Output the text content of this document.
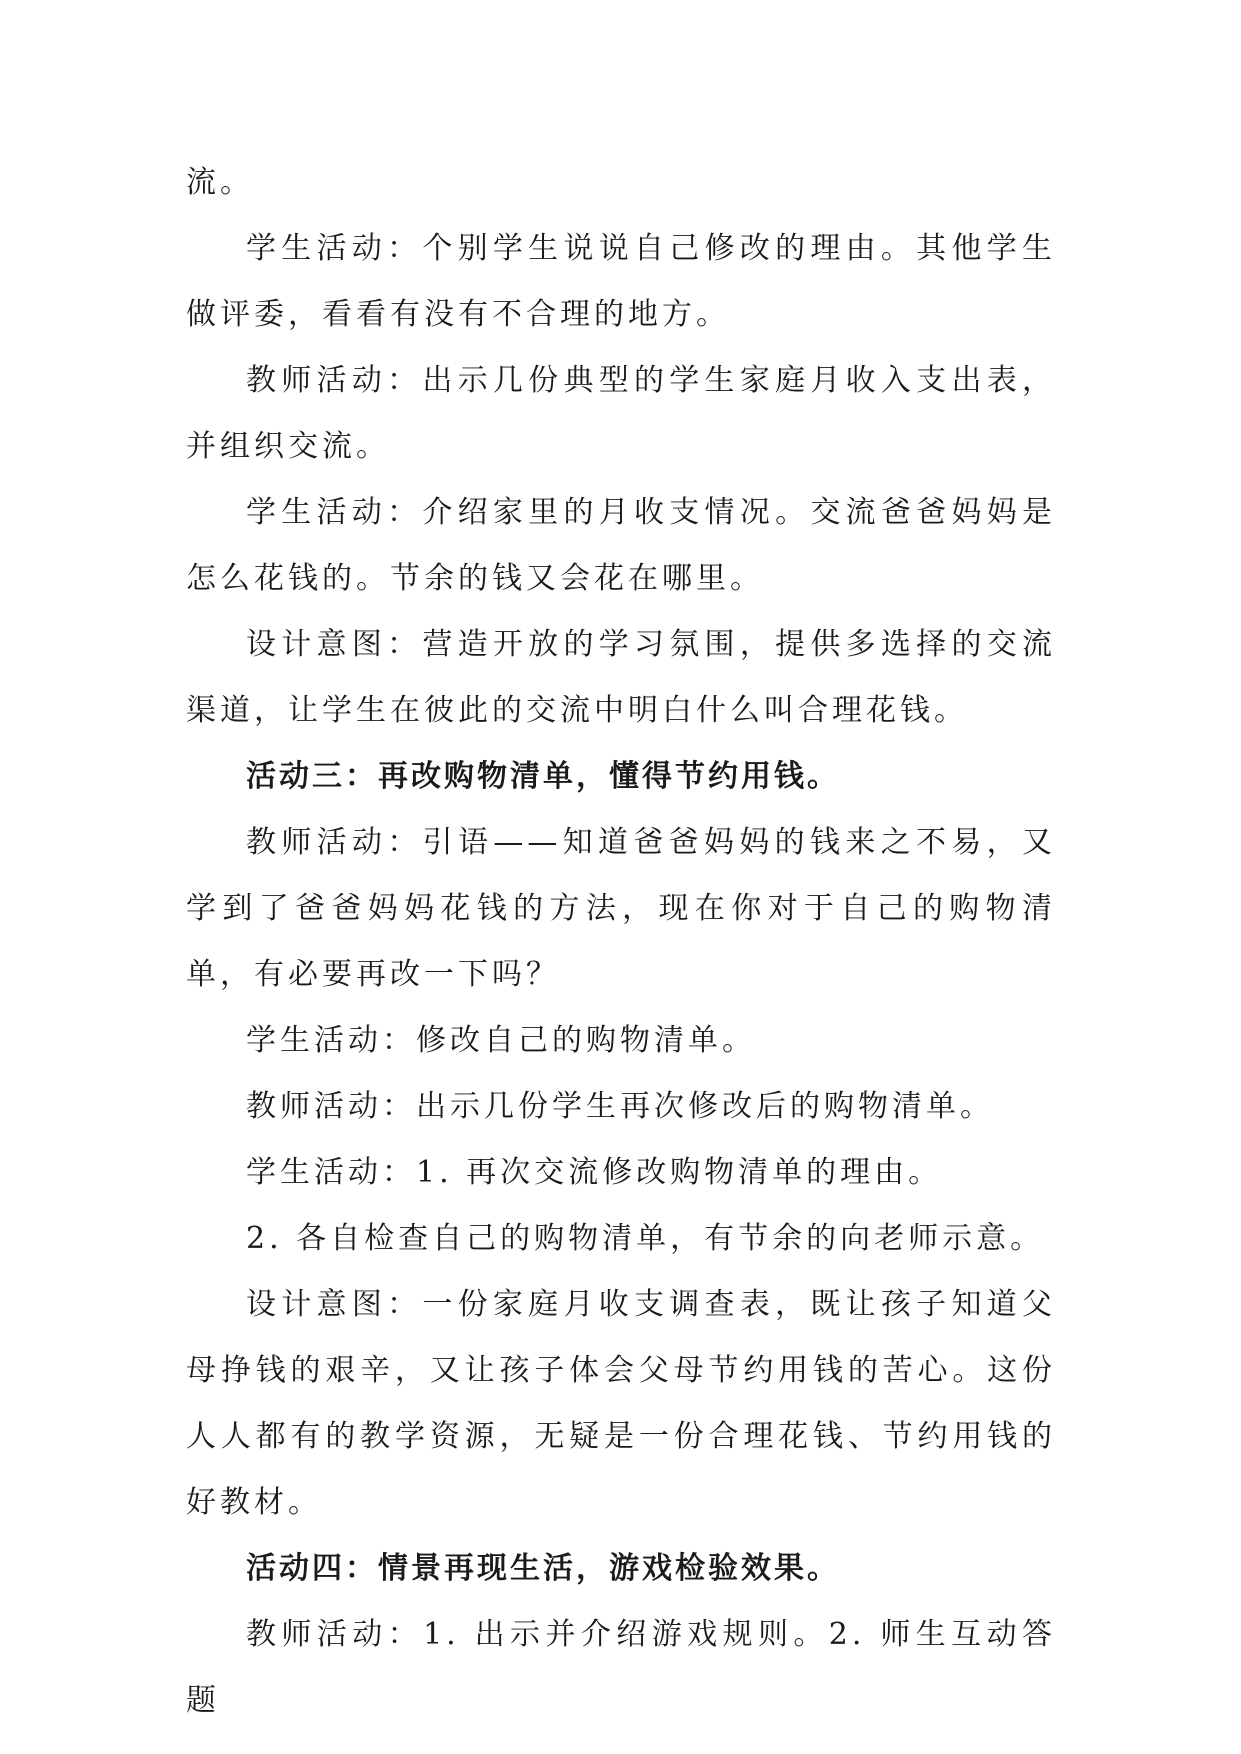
流。

学生活动：个别学生说说自己修改的理由。其他学生做评委，看看有没有不合理的地方。

教师活动：出示几份典型的学生家庭月收入支出表，并组织交流。

学生活动：介绍家里的月收支情况。交流爸爸妈妈是怎么花钱的。节余的钱又会花在哪里。

设计意图：营造开放的学习氛围，提供多选择的交流渠道，让学生在彼此的交流中明白什么叫合理花钱。

活动三：再改购物清单，懂得节约用钱。

教师活动：引语——知道爸爸妈妈的钱来之不易，又学到了爸爸妈妈花钱的方法，现在你对于自己的购物清单，有必要再改一下吗？

学生活动：修改自己的购物清单。

教师活动：出示几份学生再次修改后的购物清单。

学生活动：1. 再次交流修改购物清单的理由。

2. 各自检查自己的购物清单，有节余的向老师示意。

设计意图：一份家庭月收支调查表，既让孩子知道父母挣钱的艰辛，又让孩子体会父母节约用钱的苦心。这份人人都有的教学资源，无疑是一份合理花钱、节约用钱的好教材。

活动四：情景再现生活，游戏检验效果。

教师活动：1. 出示并介绍游戏规则。2. 师生互动答题
